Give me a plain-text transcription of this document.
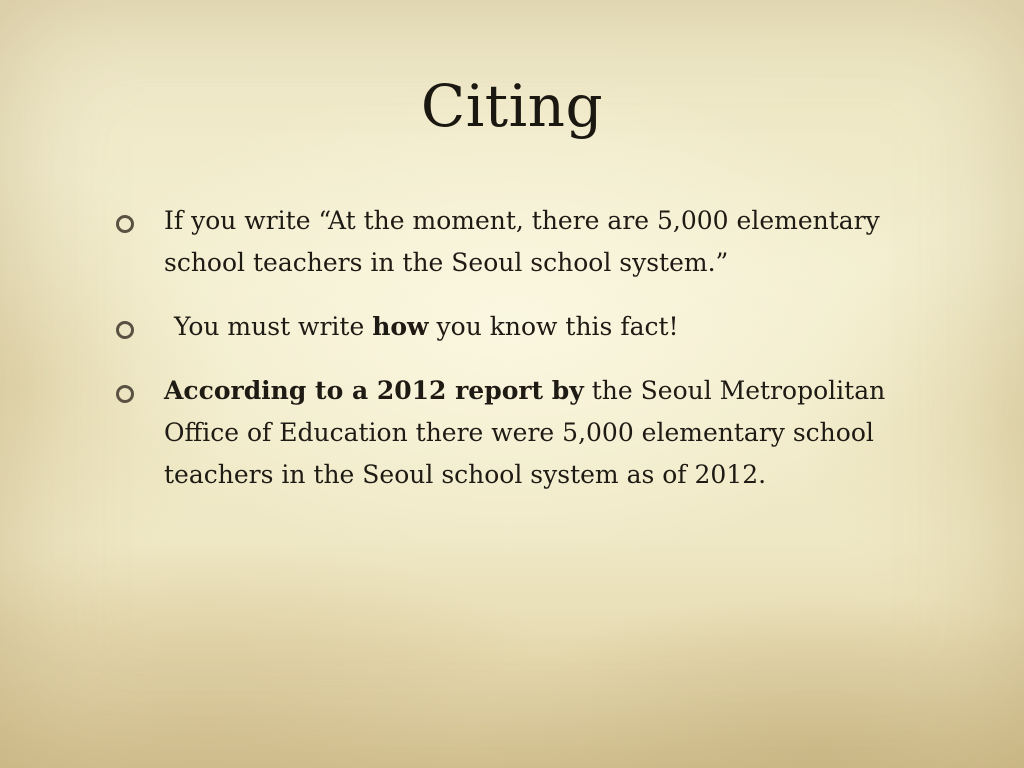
Citing
If you write “At the moment, there are 5,000 elementary school teachers in the Seoul school system.”
You must write how you know this fact!
According to a 2012 report by the Seoul Metropolitan Office of Education there were 5,000 elementary school teachers in the Seoul school system as of 2012.
